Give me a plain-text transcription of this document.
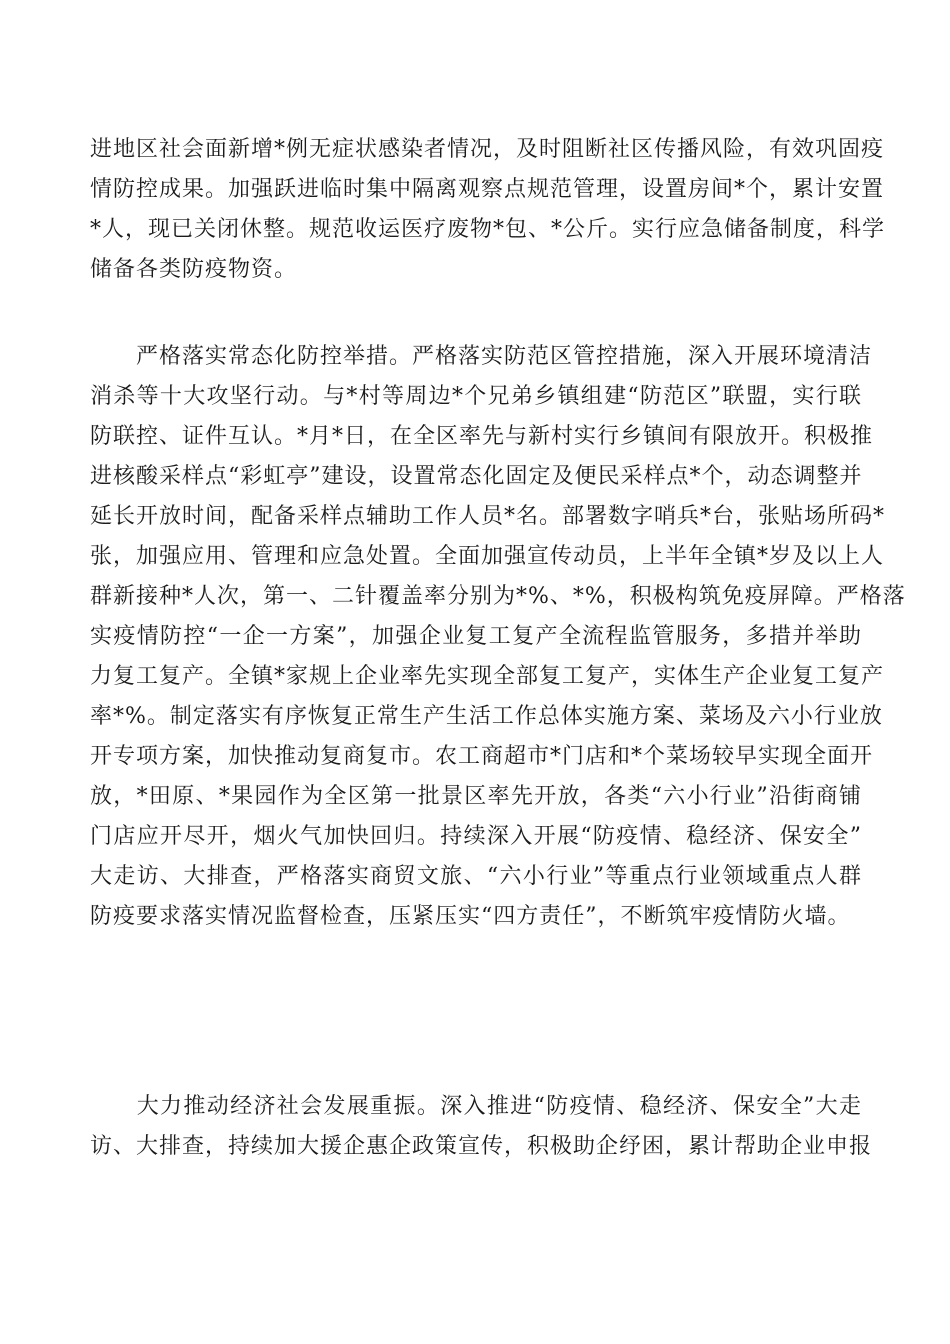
进地区社会面新增*例无症状感染者情况，及时阻断社区传播风险，有效巩固疫
情防控成果。加强跃进临时集中隔离观察点规范管理，设置房间*个，累计安置
*人，现已关闭休整。规范收运医疗废物*包、*公斤。实行应急储备制度，科学
储备各类防疫物资。
　　严格落实常态化防控举措。严格落实防范区管控措施，深入开展环境清洁
消杀等十大攻坚行动。与*村等周边*个兄弟乡镇组建“防范区”联盟，实行联
防联控、证件互认。*月*日，在全区率先与新村实行乡镇间有限放开。积极推
进核酸采样点“彩虹亭”建设，设置常态化固定及便民采样点*个，动态调整并
延长开放时间，配备采样点辅助工作人员*名。部署数字哨兵*台，张贴场所码*
张，加强应用、管理和应急处置。全面加强宣传动员，上半年全镇*岁及以上人
群新接种*人次，第一、二针覆盖率分别为*%、*%，积极构筑免疫屏障。严格落
实疫情防控“一企一方案”，加强企业复工复产全流程监管服务，多措并举助
力复工复产。全镇*家规上企业率先实现全部复工复产，实体生产企业复工复产
率*%。制定落实有序恢复正常生产生活工作总体实施方案、菜场及六小行业放
开专项方案，加快推动复商复市。农工商超市*门店和*个菜场较早实现全面开
放，*田原、*果园作为全区第一批景区率先开放，各类“六小行业”沿街商铺
门店应开尽开，烟火气加快回归。持续深入开展“防疫情、稳经济、保安全”
大走访、大排查，严格落实商贸文旅、“六小行业”等重点行业领域重点人群
防疫要求落实情况监督检查，压紧压实“四方责任”，不断筑牢疫情防火墙。
　　大力推动经济社会发展重振。深入推进“防疫情、稳经济、保安全”大走
访、大排查，持续加大援企惠企政策宣传，积极助企纾困，累计帮助企业申报
